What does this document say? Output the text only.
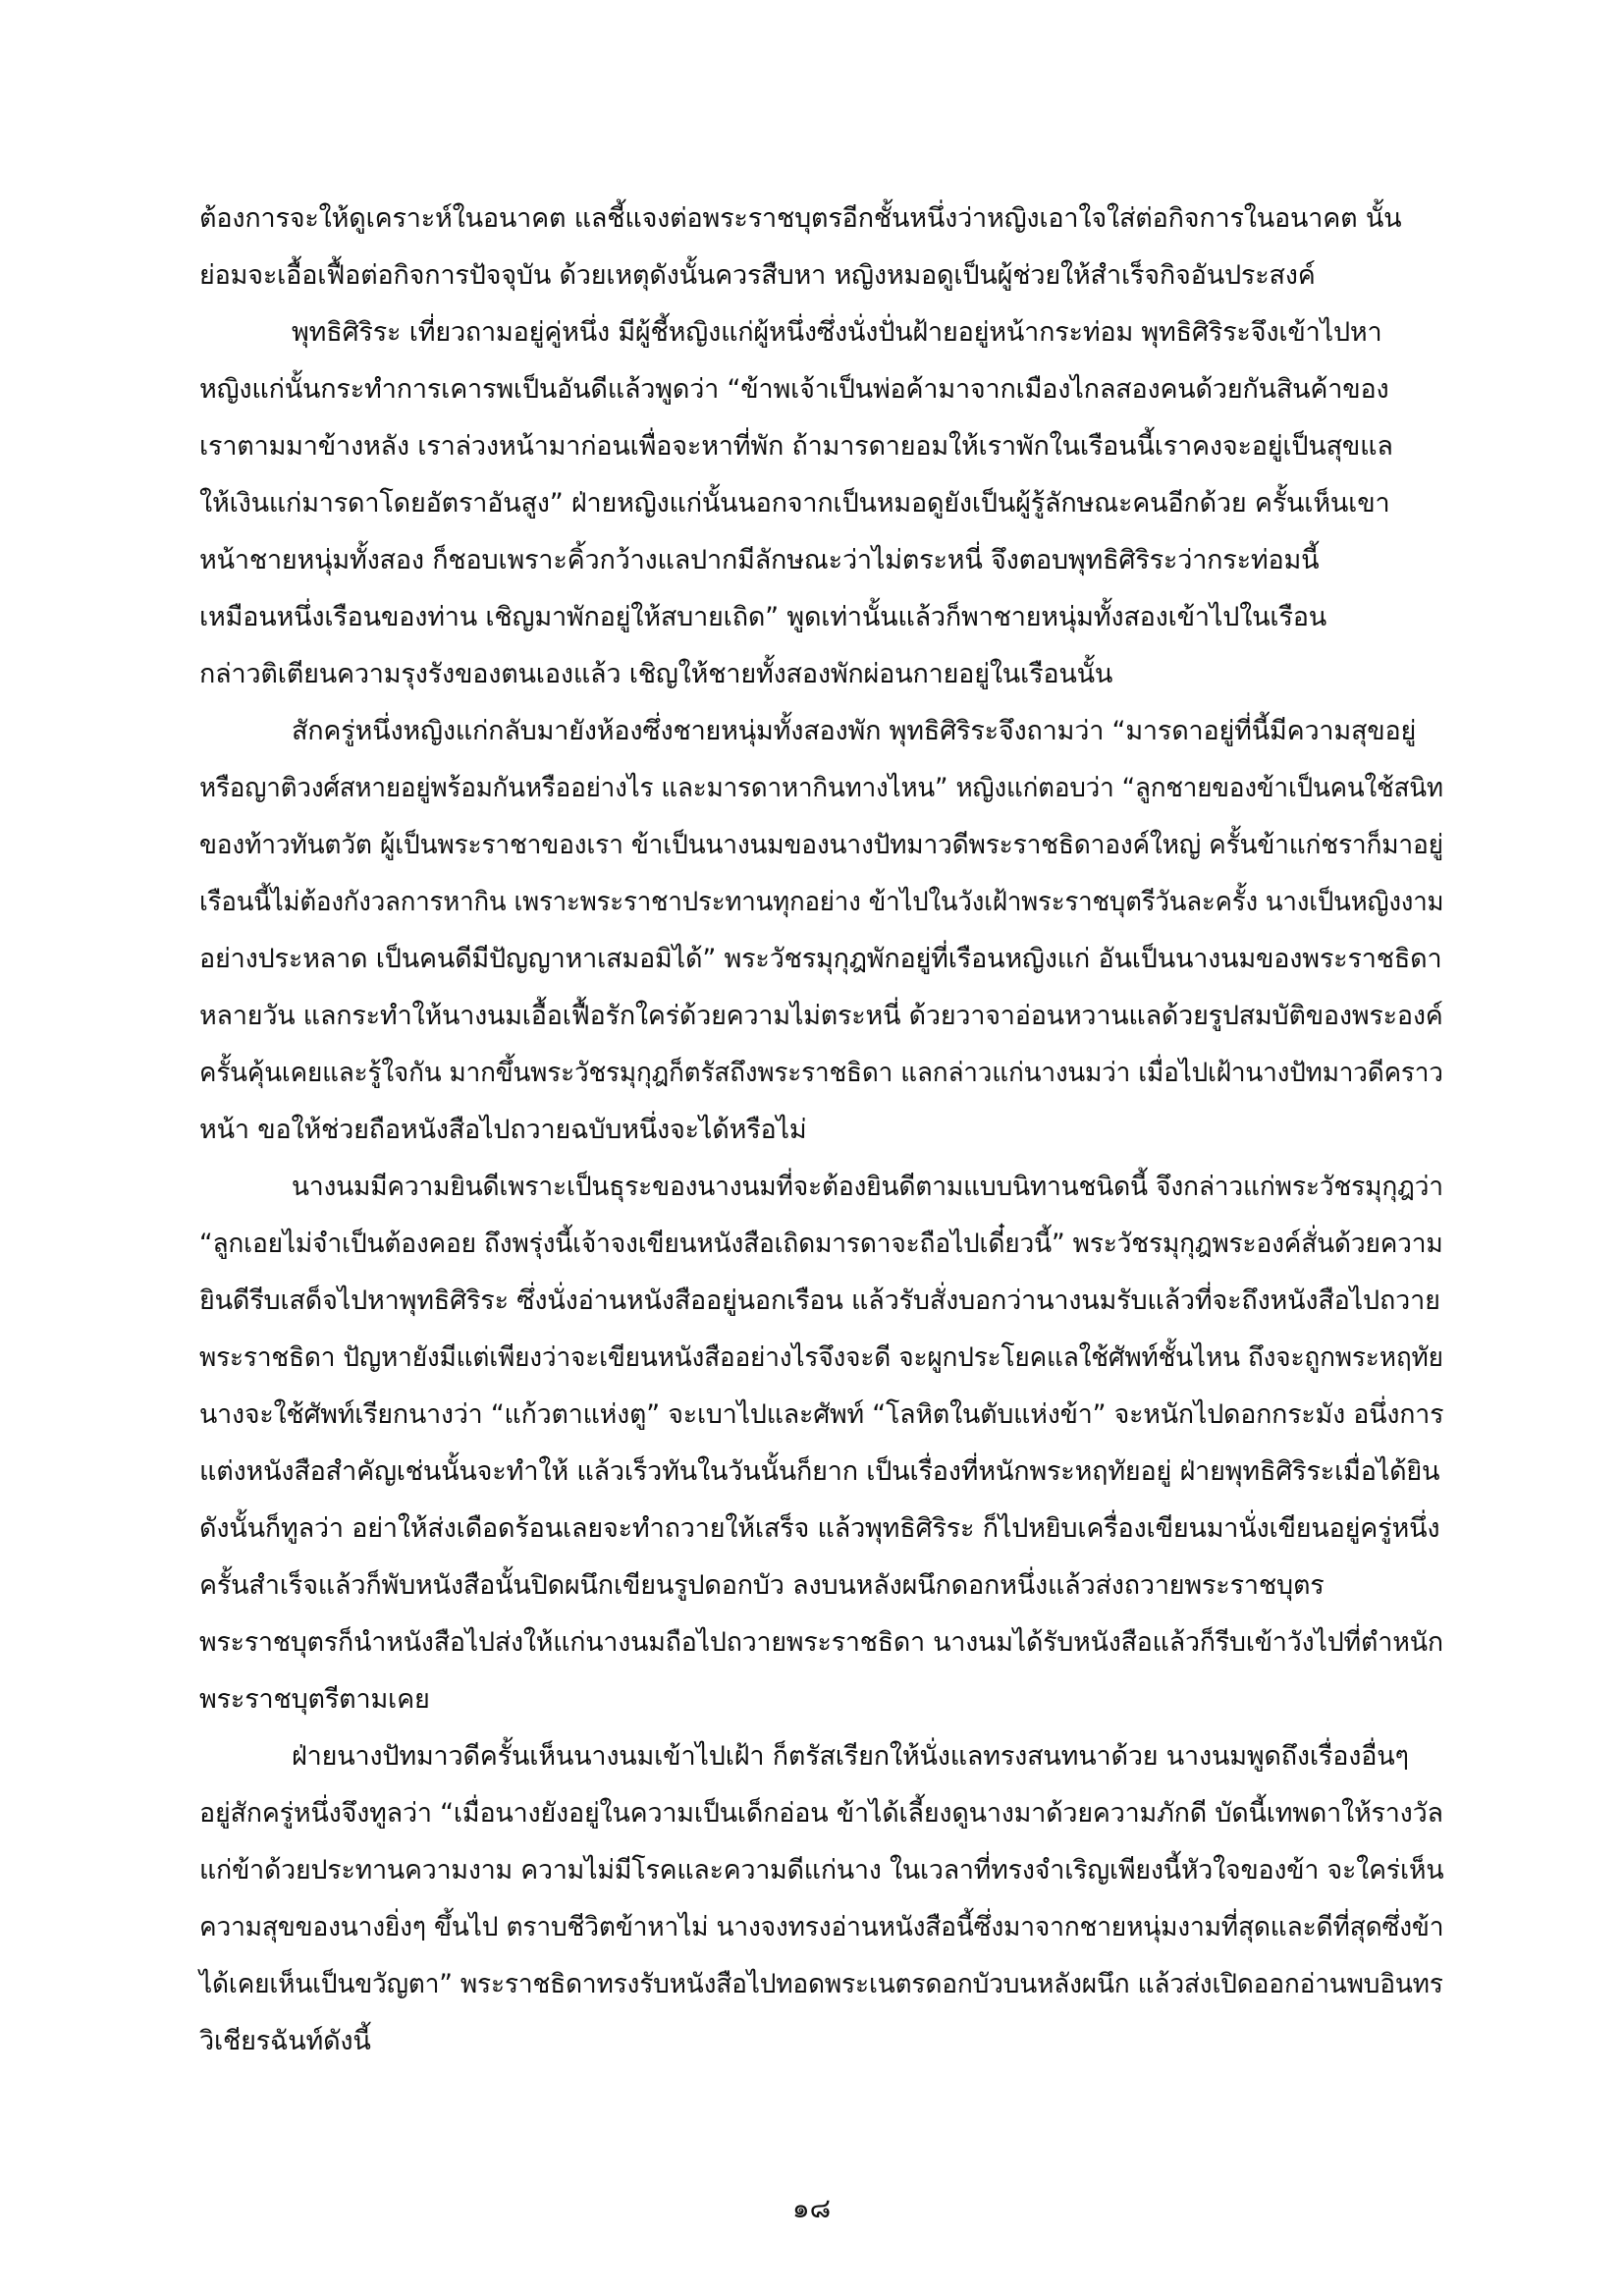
ต้องการจะให้ดูเคราะห์ในอนาคต แลชี้แจงต่อพระราชบุตรอีกชั้นหนึ่งว่าหญิงเอาใจใส่ต่อกิจการในอนาคต นั้น
ย่อมจะเอื้อเฟื้อต่อกิจการปัจจุบัน ด้วยเหตุดังนั้นควรสืบหา หญิงหมอดูเป็นผู้ช่วยให้สำเร็จกิจอันประสงค์
พุทธิศิริระ เที่ยวถามอยู่คู่หนึ่ง มีผู้ชี้หญิงแก่ผู้หนึ่งซึ่งนั่งปั่นฝ้ายอยู่หน้ากระท่อม พุทธิศิริระจึงเข้าไปหา
หญิงแก่นั้นกระทำการเคารพเป็นอันดีแล้วพูดว่า “ข้าพเจ้าเป็นพ่อค้ามาจากเมืองไกลสองคนด้วยกันสินค้าของ
เราตามมาข้างหลัง เราล่วงหน้ามาก่อนเพื่อจะหาที่พัก ถ้ามารดายอมให้เราพักในเรือนนี้เราคงจะอยู่เป็นสุขแล
ให้เงินแก่มารดาโดยอัตราอันสูง” ฝ่ายหญิงแก่นั้นนอกจากเป็นหมอดูยังเป็นผู้รู้ลักษณะคนอีกด้วย ครั้นเห็นเขา
หน้าชายหนุ่มทั้งสอง ก็ชอบเพราะคิ้วกว้างแลปากมีลักษณะว่าไม่ตระหนี่ จึงตอบพุทธิศิริระว่ากระท่อมนี้
เหมือนหนึ่งเรือนของท่าน เชิญมาพักอยู่ให้สบายเถิด” พูดเท่านั้นแล้วก็พาชายหนุ่มทั้งสองเข้าไปในเรือน
กล่าวติเตียนความรุงรังของตนเองแล้ว เชิญให้ชายทั้งสองพักผ่อนกายอยู่ในเรือนนั้น
สักครู่หนึ่งหญิงแก่กลับมายังห้องซึ่งชายหนุ่มทั้งสองพัก พุทธิศิริระจึงถามว่า “มารดาอยู่ที่นี้มีความสุขอยู่
หรือญาติวงศ์สหายอยู่พร้อมกันหรืออย่างไร และมารดาหากินทางไหน” หญิงแก่ตอบว่า “ลูกชายของข้าเป็นคนใช้สนิท
ของท้าวทันตวัต ผู้เป็นพระราชาของเรา ข้าเป็นนางนมของนางปัทมาวดีพระราชธิดาองค์ใหญ่ ครั้นข้าแก่ชราก็มาอยู่
เรือนนี้ไม่ต้องกังวลการหากิน เพราะพระราชาประทานทุกอย่าง ข้าไปในวังเฝ้าพระราชบุตรีวันละครั้ง นางเป็นหญิงงาม
อย่างประหลาด เป็นคนดีมีปัญญาหาเสมอมิได้” พระวัชรมุกุฎพักอยู่ที่เรือนหญิงแก่ อันเป็นนางนมของพระราชธิดา
หลายวัน แลกระทำให้นางนมเอื้อเฟื้อรักใคร่ด้วยความไม่ตระหนี่ ด้วยวาจาอ่อนหวานแลด้วยรูปสมบัติของพระองค์
ครั้นคุ้นเคยและรู้ใจกัน มากขึ้นพระวัชรมุกุฎก็ตรัสถึงพระราชธิดา แลกล่าวแก่นางนมว่า เมื่อไปเฝ้านางปัทมาวดีคราว
หน้า ขอให้ช่วยถือหนังสือไปถวายฉบับหนึ่งจะได้หรือไม่
นางนมมีความยินดีเพราะเป็นธุระของนางนมที่จะต้องยินดีตามแบบนิทานชนิดนี้ จึงกล่าวแก่พระวัชรมุกุฎว่า
“ลูกเอยไม่จำเป็นต้องคอย ถึงพรุ่งนี้เจ้าจงเขียนหนังสือเถิดมารดาจะถือไปเดี๋ยวนี้” พระวัชรมุกุฎพระองค์สั่นด้วยความ
ยินดีรีบเสด็จไปหาพุทธิศิริระ ซึ่งนั่งอ่านหนังสืออยู่นอกเรือน แล้วรับสั่งบอกว่านางนมรับแล้วที่จะถึงหนังสือไปถวาย
พระราชธิดา ปัญหายังมีแต่เพียงว่าจะเขียนหนังสืออย่างไรจึงจะดี จะผูกประโยคแลใช้ศัพท์ชั้นไหน ถึงจะถูกพระหฤทัย
นางจะใช้ศัพท์เรียกนางว่า “แก้วตาแห่งตู” จะเบาไปและศัพท์ “โลหิตในตับแห่งข้า” จะหนักไปดอกกระมัง อนึ่งการ
แต่งหนังสือสำคัญเช่นนั้นจะทำให้ แล้วเร็วทันในวันนั้นก็ยาก เป็นเรื่องที่หนักพระหฤทัยอยู่ ฝ่ายพุทธิศิริระเมื่อได้ยิน
ดังนั้นก็ทูลว่า อย่าให้ส่งเดือดร้อนเลยจะทำถวายให้เสร็จ แล้วพุทธิศิริระ ก็ไปหยิบเครื่องเขียนมานั่งเขียนอยู่ครู่หนึ่ง
ครั้นสำเร็จแล้วก็พับหนังสือนั้นปิดผนึกเขียนรูปดอกบัว ลงบนหลังผนึกดอกหนึ่งแล้วส่งถวายพระราชบุตร
พระราชบุตรก็นำหนังสือไปส่งให้แก่นางนมถือไปถวายพระราชธิดา นางนมได้รับหนังสือแล้วก็รีบเข้าวังไปที่ตำหนัก
พระราชบุตรีตามเคย
ฝ่ายนางปัทมาวดีครั้นเห็นนางนมเข้าไปเฝ้า ก็ตรัสเรียกให้นั่งแลทรงสนทนาด้วย นางนมพูดถึงเรื่องอื่นๆ
อยู่สักครู่หนึ่งจึงทูลว่า “เมื่อนางยังอยู่ในความเป็นเด็กอ่อน ข้าได้เลี้ยงดูนางมาด้วยความภักดี บัดนี้เทพดาให้รางวัล
แก่ข้าด้วยประทานความงาม ความไม่มีโรคและความดีแก่นาง ในเวลาที่ทรงจำเริญเพียงนี้หัวใจของข้า จะใคร่เห็น
ความสุขของนางยิ่งๆ ขึ้นไป ตราบชีวิตข้าหาไม่ นางจงทรงอ่านหนังสือนี้ซึ่งมาจากชายหนุ่มงามที่สุดและดีที่สุดซึ่งข้า
ได้เคยเห็นเป็นขวัญตา” พระราชธิดาทรงรับหนังสือไปทอดพระเนตรดอกบัวบนหลังผนึก แล้วส่งเปิดออกอ่านพบอินทร
วิเชียรฉันท์ดังนี้
๑๘
